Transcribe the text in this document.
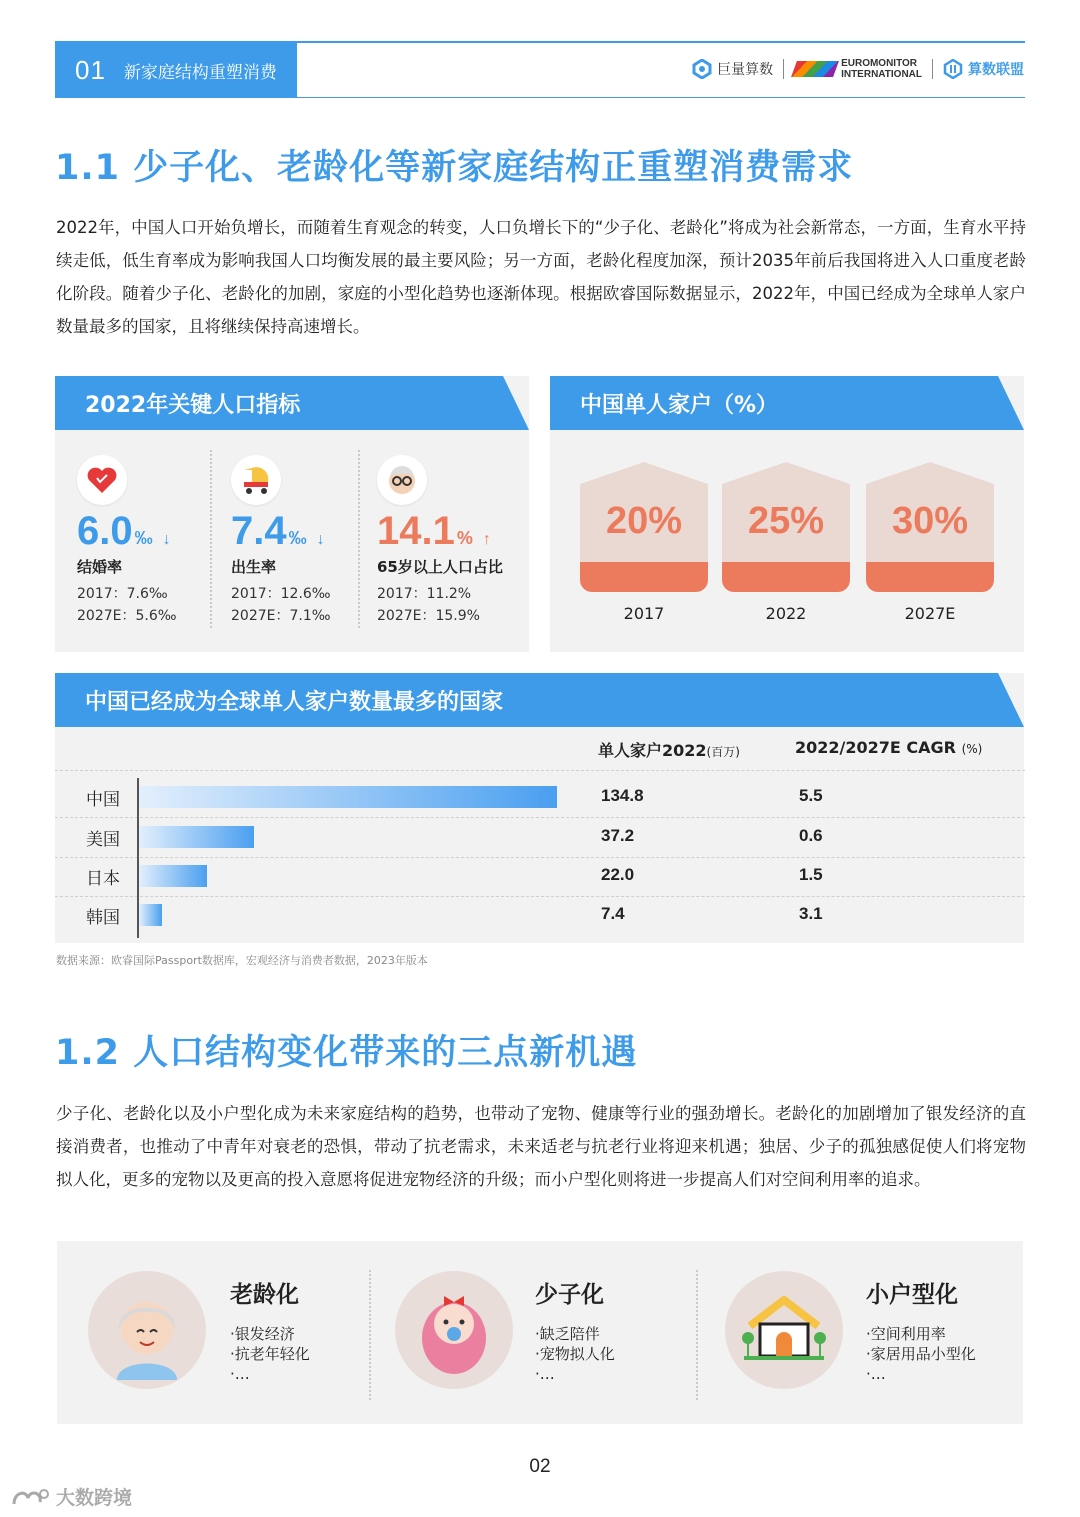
01 新家庭结构重塑消费	巨量算数	EUROMONITOR
INTERNATIONAL	算数联盟
1.1 少子化、老龄化等新家庭结构正重塑消费需求

2022年，中国人口开始负增长，而随着生育观念的转变，人口负增长下的“少子化、老龄化”将成为社会新常态，一方面，生育水平持续走低，低生育率成为影响我国人口均衡发展的最主要风险；另一方面，老龄化程度加深，预计2035年前后我国将进入人口重度老龄化阶段。随着少子化、老龄化的加剧，家庭的小型化趋势也逐渐体现。根据欧睿国际数据显示，2022年，中国已经成为全球单人家户数量最多的国家，且将继续保持高速增长。

2022年关键人口指标
6.0 ‰ ↓
结婚率
2017：7.6‰
2027E：5.6‰
7.4 ‰ ↓
出生率
2017：12.6‰
2027E：7.1‰
14.1 % ↑
65岁以上人口占比
2017：11.2%
2027E：15.9%
中国单人家户（%）
20%
2017
25%
2022
30%
2027E
中国已经成为全球单人家户数量最多的国家
单人家户2022(百万)	2022/2027E CAGR (%)
中国	134.8	5.5
美国	37.2	0.6
日本	22.0	1.5
韩国	7.4	3.1
数据来源：欧睿国际Passport数据库，宏观经济与消费者数据，2023年版本
1.2 人口结构变化带来的三点新机遇

少子化、老龄化以及小户型化成为未来家庭结构的趋势，也带动了宠物、健康等行业的强劲增长。老龄化的加剧增加了银发经济的直接消费者，也推动了中青年对衰老的恐惧，带动了抗老需求，未来适老与抗老行业将迎来机遇；独居、少子的孤独感促使人们将宠物拟人化，更多的宠物以及更高的投入意愿将促进宠物经济的升级；而小户型化则将进一步提高人们对空间利用率的追求。

老龄化
·银发经济
·抗老年轻化
·…
少子化
·缺乏陪伴
·宠物拟人化
·…
小户型化
·空间利用率
·家居用品小型化
·…
02
大数跨境
